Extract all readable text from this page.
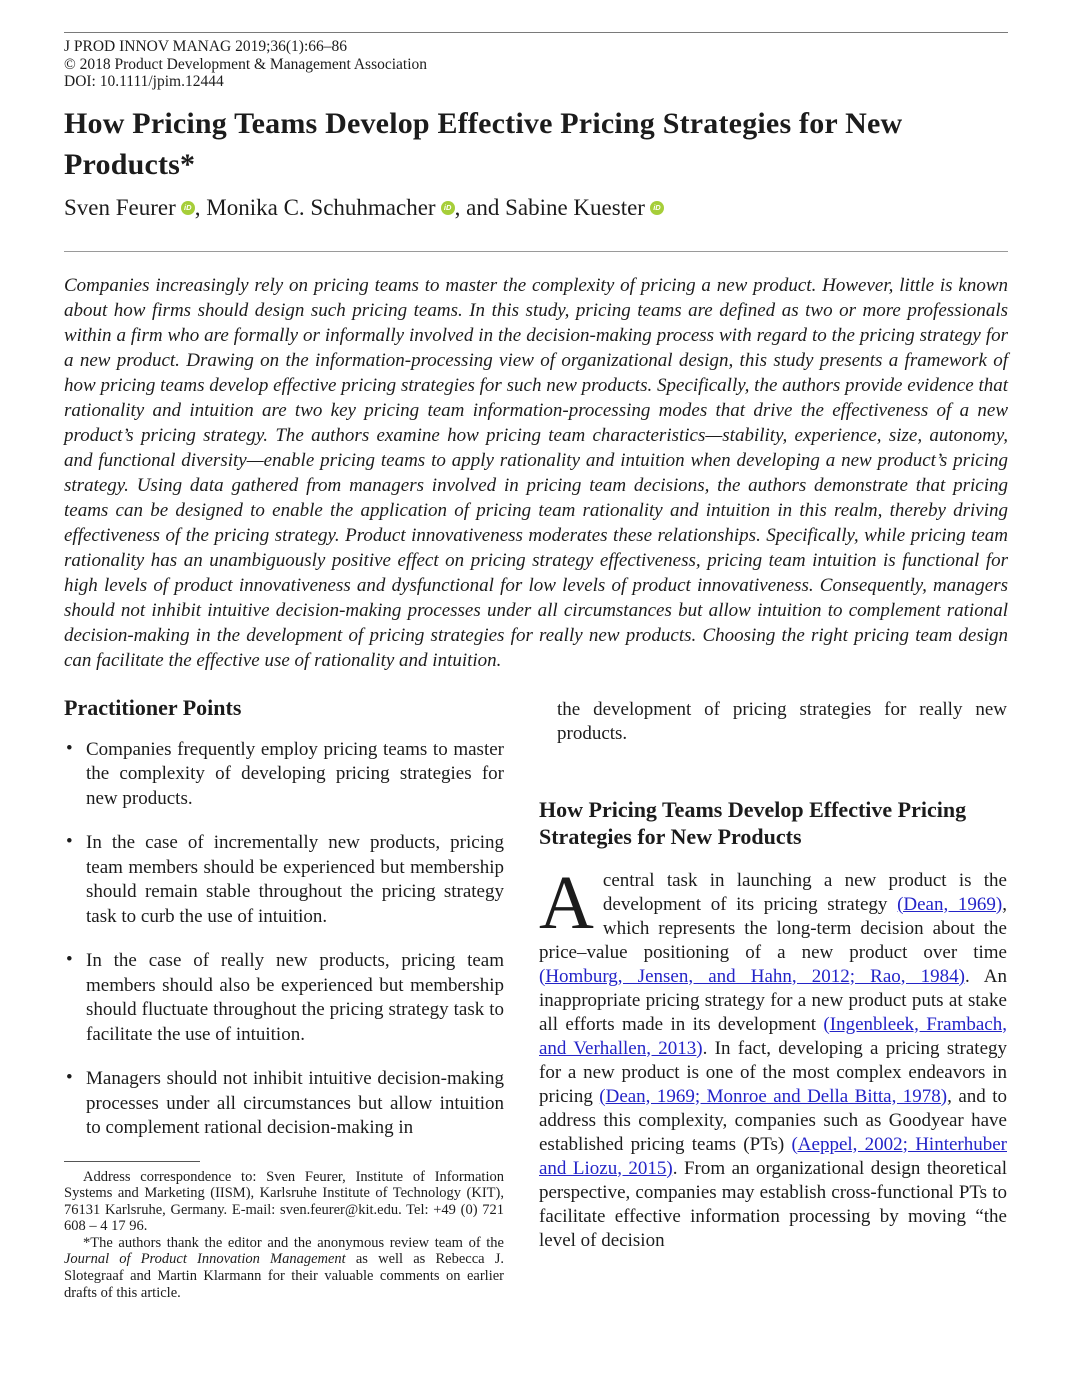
J PROD INNOV MANAG 2019;36(1):66–86
© 2018 Product Development & Management Association
DOI: 10.1111/jpim.12444
How Pricing Teams Develop Effective Pricing Strategies for New Products*
Sven Feurer iD , Monika C. Schuhmacher iD , and Sabine Kuester iD
Companies increasingly rely on pricing teams to master the complexity of pricing a new product. However, little is known about how firms should design such pricing teams. In this study, pricing teams are defined as two or more professionals within a firm who are formally or informally involved in the decision-making process with regard to the pricing strategy for a new product. Drawing on the information-processing view of organizational design, this study presents a framework of how pricing teams develop effective pricing strategies for such new products. Specifically, the authors provide evidence that rationality and intuition are two key pricing team information-processing modes that drive the effectiveness of a new product’s pricing strategy. The authors examine how pricing team characteristics—stability, experience, size, autonomy, and functional diversity—enable pricing teams to apply rationality and intuition when developing a new product’s pricing strategy. Using data gathered from managers involved in pricing team decisions, the authors demonstrate that pricing teams can be designed to enable the application of pricing team rationality and intuition in this realm, thereby driving effectiveness of the pricing strategy. Product innovativeness moderates these relationships. Specifically, while pricing team rationality has an unambiguously positive effect on pricing strategy effectiveness, pricing team intuition is functional for high levels of product innovativeness and dysfunctional for low levels of product innovativeness. Consequently, managers should not inhibit intuitive decision-making processes under all circumstances but allow intuition to complement rational decision-making in the development of pricing strategies for really new products. Choosing the right pricing team design can facilitate the effective use of rationality and intuition.
Practitioner Points
• Companies frequently employ pricing teams to master the complexity of developing pricing strategies for new products.
• In the case of incrementally new products, pricing team members should be experienced but membership should remain stable throughout the pricing strategy task to curb the use of intuition.
• In the case of really new products, pricing team members should also be experienced but membership should fluctuate throughout the pricing strategy task to facilitate the use of intuition.
• Managers should not inhibit intuitive decision-making processes under all circumstances but allow intuition to complement rational decision-making in

Address correspondence to: Sven Feurer, Institute of Information Systems and Marketing (IISM), Karlsruhe Institute of Technology (KIT), 76131 Karlsruhe, Germany. E-mail: sven.feurer@kit.edu. Tel: +49 (0) 721 608 – 4 17 96.

*The authors thank the editor and the anonymous review team of the Journal of Product Innovation Management as well as Rebecca J. Slotegraaf and Martin Klarmann for their valuable comments on earlier drafts of this article.

the development of pricing strategies for really new products.

How Pricing Teams Develop Effective Pricing Strategies for New Products

Acentral task in launching a new product is the development of its pricing strategy (Dean, 1969), which represents the long-term decision about the price–value positioning of a new product over time (Homburg, Jensen, and Hahn, 2012; Rao, 1984). An inappropriate pricing strategy for a new product puts at stake all efforts made in its development (Ingenbleek, Frambach, and Verhallen, 2013). In fact, developing a pricing strategy for a new product is one of the most complex endeavors in pricing (Dean, 1969; Monroe and Della Bitta, 1978), and to address this complexity, companies such as Goodyear have established pricing teams (PTs) (Aeppel, 2002; Hinterhuber and Liozu, 2015). From an organizational design theoretical perspective, companies may establish cross-functional PTs to facilitate effective information processing by moving “the level of decision
